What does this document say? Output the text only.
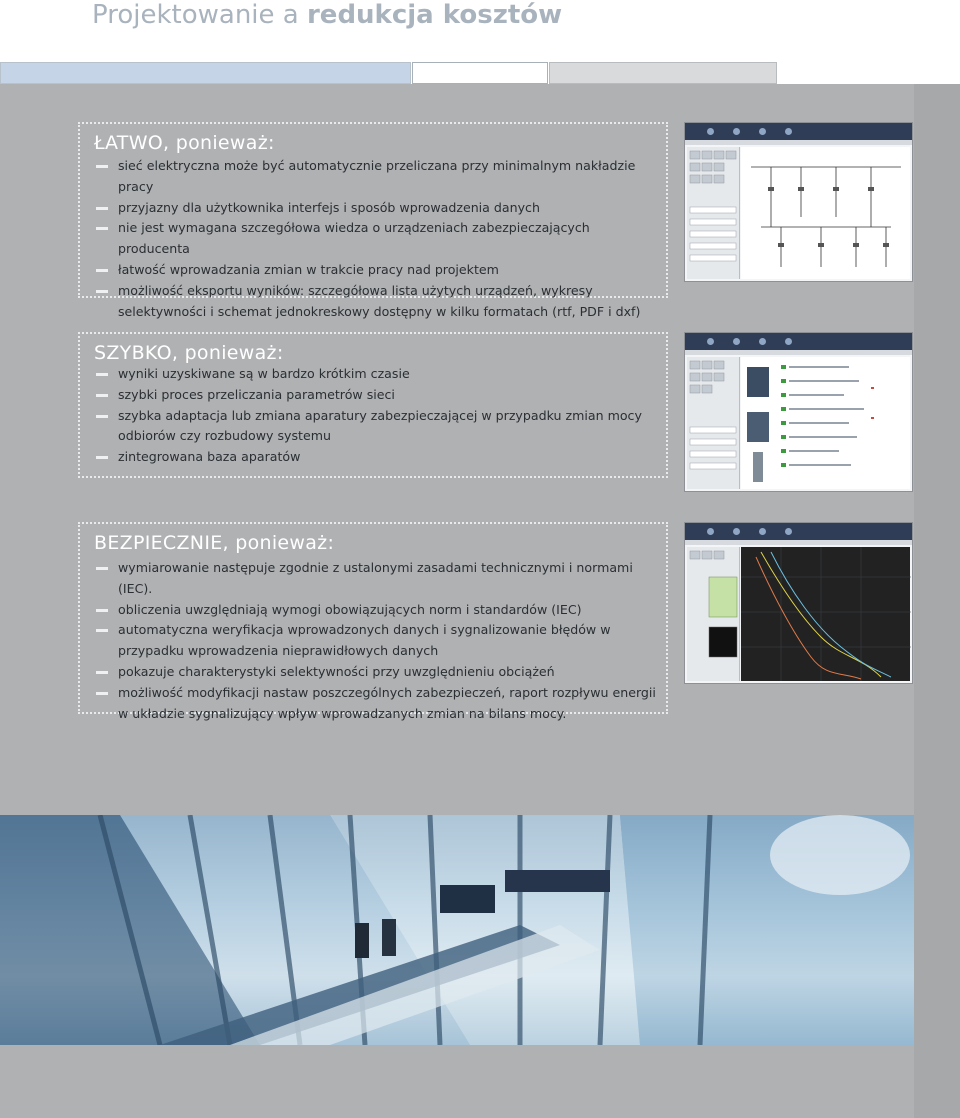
Projektowanie a redukcja kosztów
ŁATWO, ponieważ:
sieć elektryczna może być automatycznie przeliczana przy minimalnym nakładzie pracy
przyjazny dla użytkownika interfejs i sposób wprowadzenia danych
nie jest wymagana szczegółowa wiedza o urządzeniach zabezpieczających producenta
łatwość wprowadzania zmian w trakcie pracy nad projektem
możliwość eksportu wyników: szczegółowa lista użytych urządzeń, wykresy selektywności i schemat jednokreskowy dostępny w kilku formatach (rtf, PDF i dxf)
SZYBKO, ponieważ:
wyniki uzyskiwane są w bardzo krótkim czasie
szybki proces przeliczania parametrów sieci
szybka adaptacja lub zmiana aparatury zabezpieczającej w przypadku zmian mocy odbiorów czy rozbudowy systemu
zintegrowana baza aparatów
BEZPIECZNIE, ponieważ:
wymiarowanie następuje zgodnie z ustalonymi zasadami technicznymi i normami (IEC).
obliczenia uwzględniają wymogi obowiązujących norm i standardów (IEC)
automatyczna weryfikacja wprowadzonych danych i sygnalizowanie błędów w przypadku wprowadzenia nieprawidłowych danych
pokazuje charakterystyki selektywności przy uwzględnieniu obciążeń
możliwość modyfikacji nastaw poszczególnych zabezpieczeń, raport rozpływu energii w układzie sygnalizujący wpływ wprowadzanych zmian na bilans mocy.
